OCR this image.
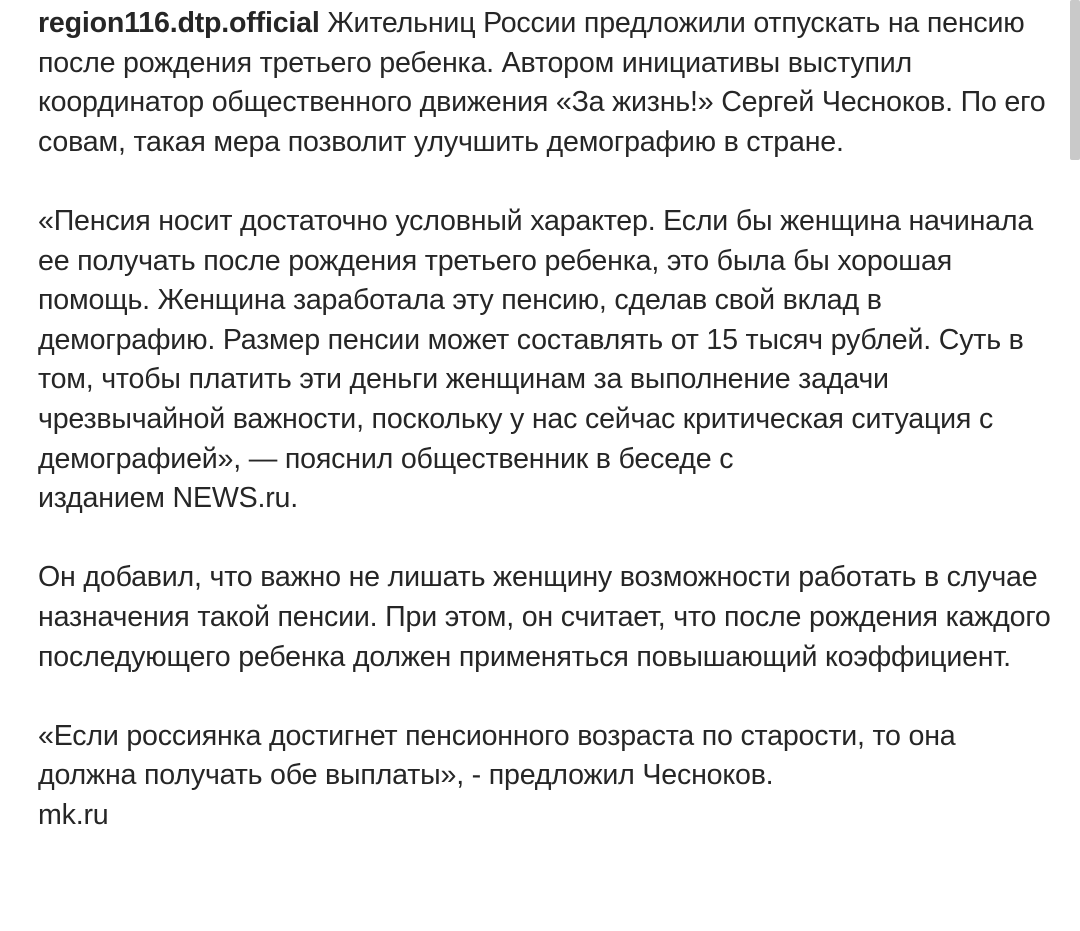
region116.dtp.official Жительниц России предложили отпускать на пенсию после рождения третьего ребенка. Автором инициативы выступил координатор общественного движения «За жизнь!» Сергей Чесноков. По его совам, такая мера позволит улучшить демографию в стране.

«Пенсия носит достаточно условный характер. Если бы женщина начинала ее получать после рождения третьего ребенка, это была бы хорошая помощь. Женщина заработала эту пенсию, сделав свой вклад в демографию. Размер пенсии может составлять от 15 тысяч рублей. Суть в том, чтобы платить эти деньги женщинам за выполнение задачи чрезвычайной важности, поскольку у нас сейчас критическая ситуация с демографией», — пояснил общественник в беседе с
изданием NEWS.ru.

Он добавил, что важно не лишать женщину возможности работать в случае назначения такой пенсии. При этом, он считает, что после рождения каждого последующего ребенка должен применяться повышающий коэффициент.

«Если россиянка достигнет пенсионного возраста по старости, то она должна получать обе выплаты», - предложил Чесноков.
mk.ru
